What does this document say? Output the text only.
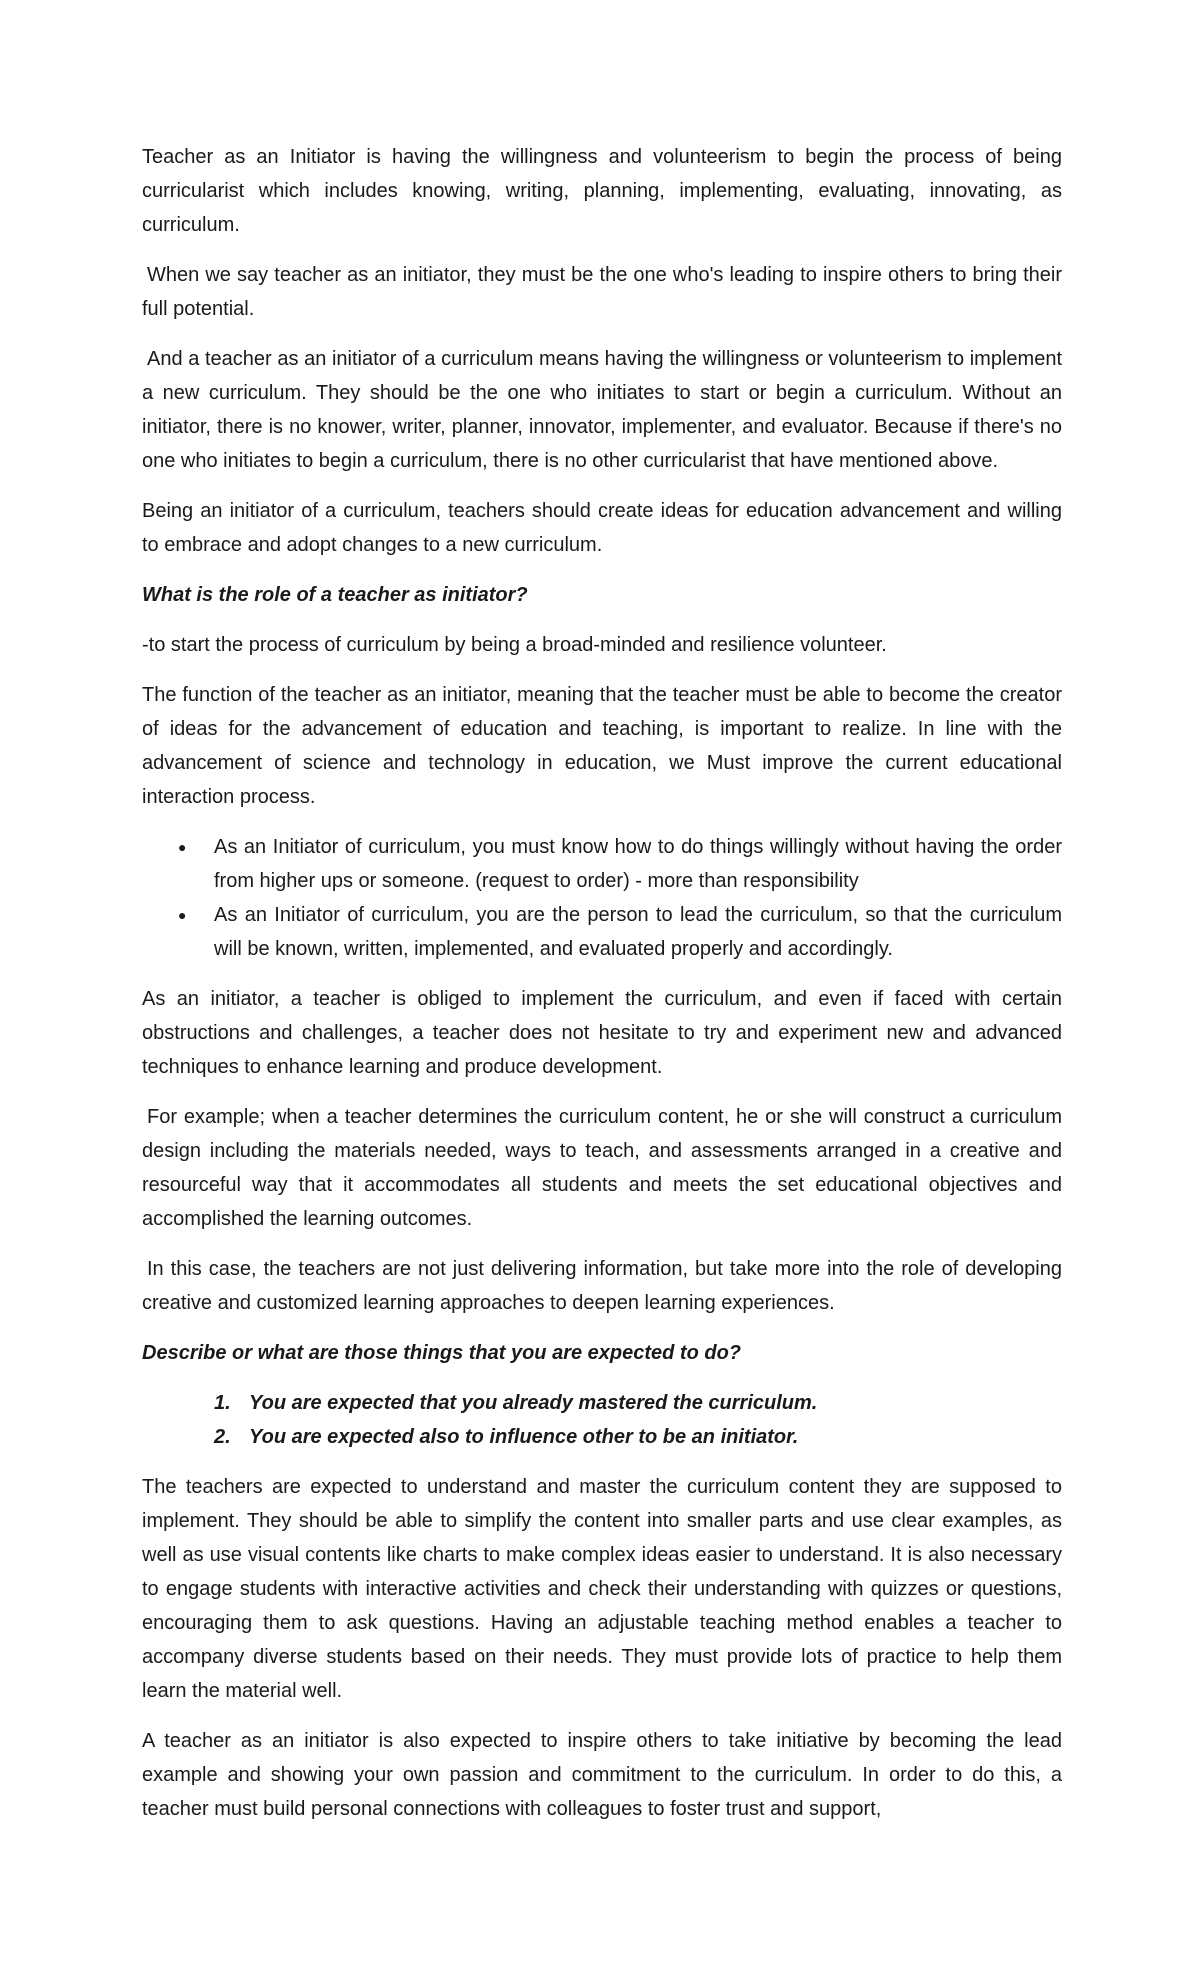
Teacher as an Initiator is having the willingness and volunteerism to begin the process of being curricularist which includes knowing, writing, planning, implementing, evaluating, innovating, as curriculum.

When we say teacher as an initiator, they must be the one who's leading to inspire others to bring their full potential.

And a teacher as an initiator of a curriculum means having the willingness or volunteerism to implement a new curriculum. They should be the one who initiates to start or begin a curriculum. Without an initiator, there is no knower, writer, planner, innovator, implementer, and evaluator. Because if there's no one who initiates to begin a curriculum, there is no other curricularist that have mentioned above.

Being an initiator of a curriculum, teachers should create ideas for education advancement and willing to embrace and adopt changes to a new curriculum.

What is the role of a teacher as initiator?

-to start the process of curriculum by being a broad-minded and resilience volunteer.

The function of the teacher as an initiator, meaning that the teacher must be able to become the creator of ideas for the advancement of education and teaching, is important to realize. In line with the advancement of science and technology in education, we Must improve the current educational interaction process.

● As an Initiator of curriculum, you must know how to do things willingly without having the order from higher ups or someone. (request to order) - more than responsibility
● As an Initiator of curriculum, you are the person to lead the curriculum, so that the curriculum will be known, written, implemented, and evaluated properly and accordingly.

As an initiator, a teacher is obliged to implement the curriculum, and even if faced with certain obstructions and challenges, a teacher does not hesitate to try and experiment new and advanced techniques to enhance learning and produce development.

For example; when a teacher determines the curriculum content, he or she will construct a curriculum design including the materials needed, ways to teach, and assessments arranged in a creative and resourceful way that it accommodates all students and meets the set educational objectives and accomplished the learning outcomes.

In this case, the teachers are not just delivering information, but take more into the role of developing creative and customized learning approaches to deepen learning experiences.

Describe or what are those things that you are expected to do?

1. You are expected that you already mastered the curriculum.
2. You are expected also to influence other to be an initiator.

The teachers are expected to understand and master the curriculum content they are supposed to implement. They should be able to simplify the content into smaller parts and use clear examples, as well as use visual contents like charts to make complex ideas easier to understand. It is also necessary to engage students with interactive activities and check their understanding with quizzes or questions, encouraging them to ask questions. Having an adjustable teaching method enables a teacher to accompany diverse students based on their needs. They must provide lots of practice to help them learn the material well.

A teacher as an initiator is also expected to inspire others to take initiative by becoming the lead example and showing your own passion and commitment to the curriculum. In order to do this, a teacher must build personal connections with colleagues to foster trust and support,
